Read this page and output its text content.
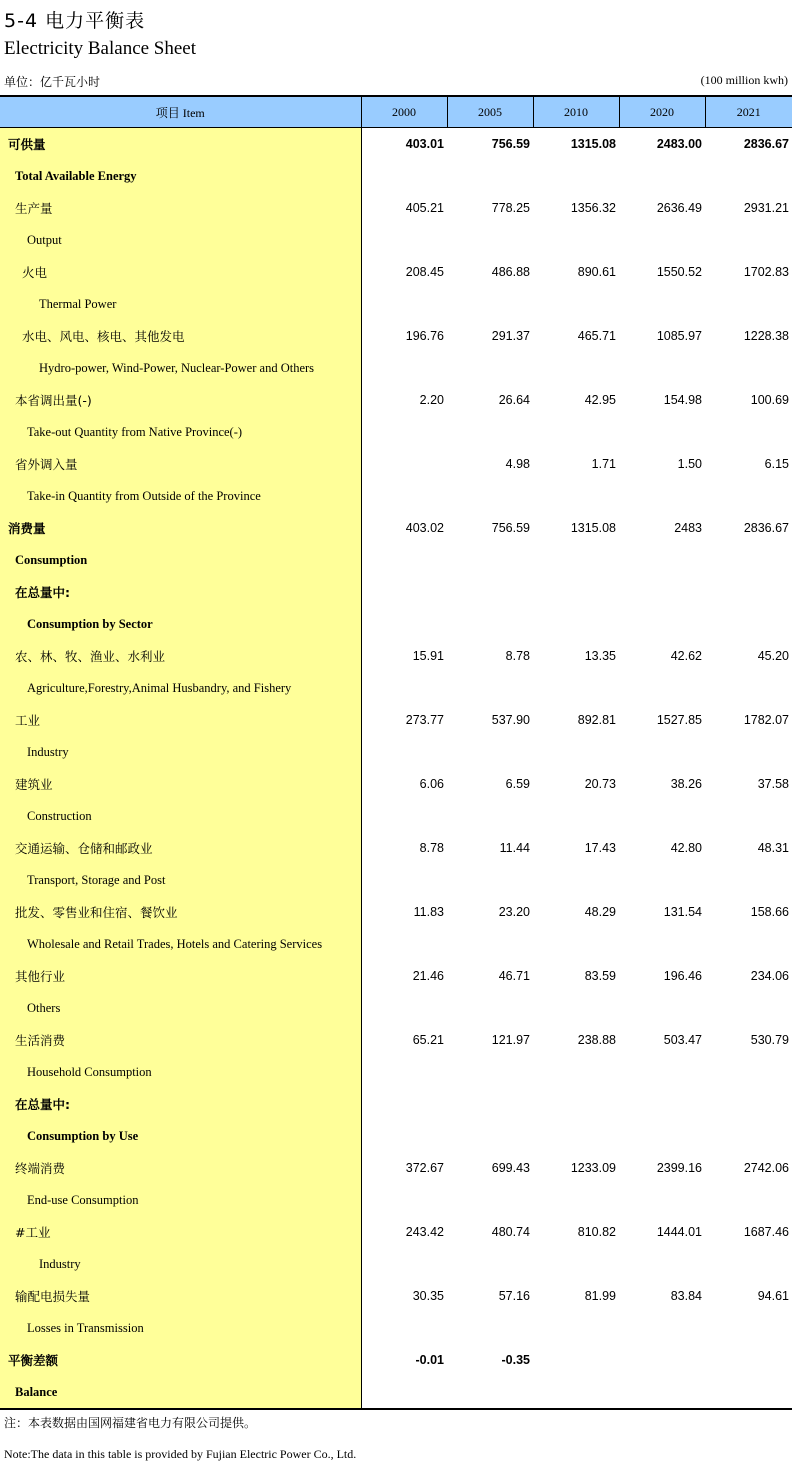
5-4 电力平衡表
Electricity Balance Sheet
单位：亿千瓦小时	(100 million kwh)
项目 Item	2000	2005	2010	2020	2021
可供量	403.01	756.59	1315.08	2483.00	2836.67
Total Available Energy					
生产量	405.21	778.25	1356.32	2636.49	2931.21
Output					
火电	208.45	486.88	890.61	1550.52	1702.83
Thermal Power					
水电、风电、核电、其他发电	196.76	291.37	465.71	1085.97	1228.38
Hydro-power, Wind-Power, Nuclear-Power and Others					
本省调出量(-)	2.20	26.64	42.95	154.98	100.69
Take-out Quantity from Native Province(-)					
省外调入量		4.98	1.71	1.50	6.15
Take-in Quantity from Outside of the Province					
消费量	403.02	756.59	1315.08	2483	2836.67
Consumption					
在总量中:					
Consumption by Sector					
农、林、牧、渔业、水利业	15.91	8.78	13.35	42.62	45.20
Agriculture,Forestry,Animal Husbandry, and Fishery					
工业	273.77	537.90	892.81	1527.85	1782.07
Industry					
建筑业	6.06	6.59	20.73	38.26	37.58
Construction					
交通运输、仓储和邮政业	8.78	11.44	17.43	42.80	48.31
Transport, Storage and Post					
批发、零售业和住宿、餐饮业	11.83	23.20	48.29	131.54	158.66
Wholesale and Retail Trades, Hotels and Catering Services					
其他行业	21.46	46.71	83.59	196.46	234.06
Others					
生活消费	65.21	121.97	238.88	503.47	530.79
Household Consumption					
在总量中:					
Consumption by Use					
终端消费	372.67	699.43	1233.09	2399.16	2742.06
End-use Consumption					
#工业	243.42	480.74	810.82	1444.01	1687.46
Industry					
输配电损失量	30.35	57.16	81.99	83.84	94.61
Losses in Transmission					
平衡差额	-0.01	-0.35			
Balance					
注：本表数据由国网福建省电力有限公司提供。
Note:The data in this table is provided by Fujian Electric Power Co., Ltd.
